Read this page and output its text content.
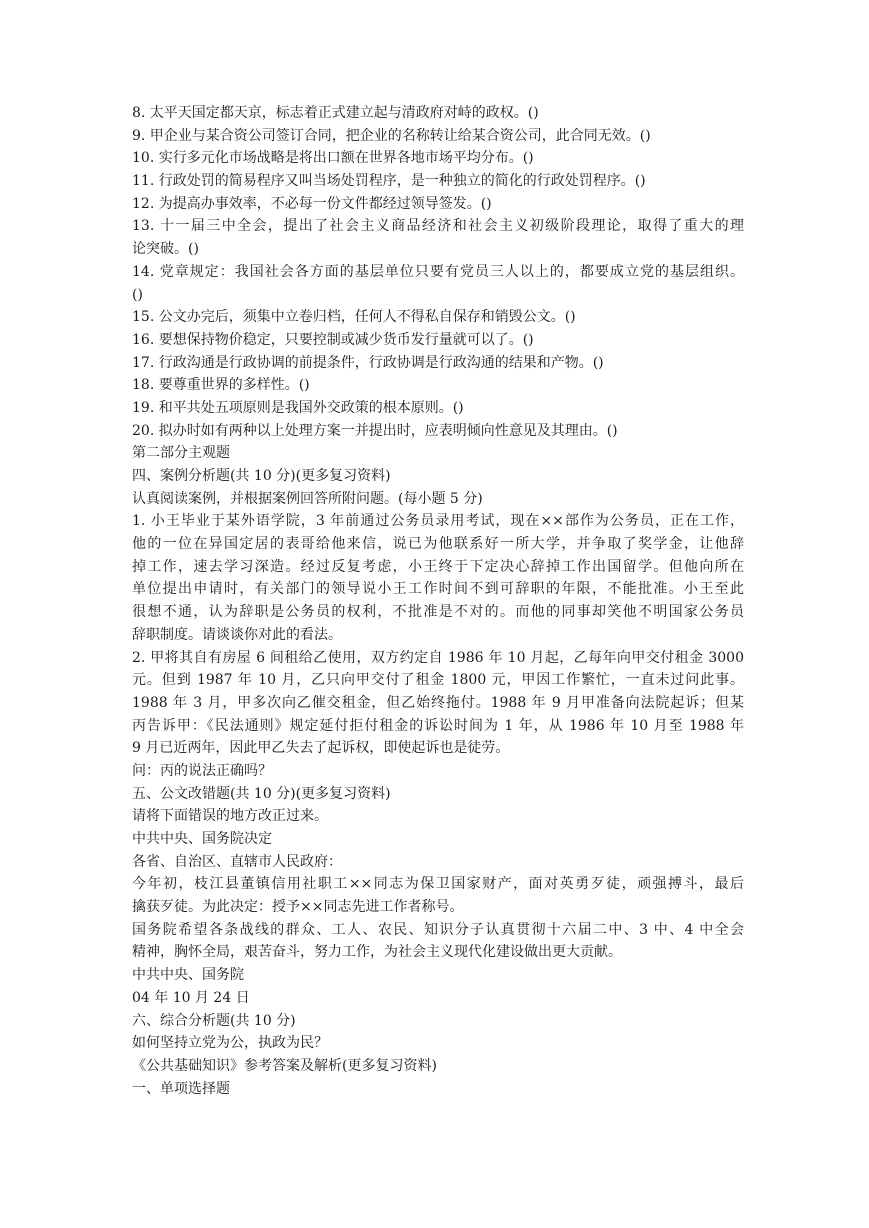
8. 太平天国定都天京，标志着正式建立起与清政府对峙的政权。()
9. 甲企业与某合资公司签订合同，把企业的名称转让给某合资公司，此合同无效。()
10. 实行多元化市场战略是将出口额在世界各地市场平均分布。()
11. 行政处罚的简易程序又叫当场处罚程序，是一种独立的简化的行政处罚程序。()
12. 为提高办事效率，不必每一份文件都经过领导签发。()
13. 十一届三中全会，提出了社会主义商品经济和社会主义初级阶段理论，取得了重大的理
论突破。()
14. 党章规定：我国社会各方面的基层单位只要有党员三人以上的，都要成立党的基层组织。
()
15. 公文办完后，须集中立卷归档，任何人不得私自保存和销毁公文。()
16. 要想保持物价稳定，只要控制或减少货币发行量就可以了。()
17. 行政沟通是行政协调的前提条件，行政协调是行政沟通的结果和产物。()
18. 要尊重世界的多样性。()
19. 和平共处五项原则是我国外交政策的根本原则。()
20. 拟办时如有两种以上处理方案一并提出时，应表明倾向性意见及其理由。()
第二部分主观题
四、案例分析题(共 10 分)(更多复习资料)
认真阅读案例，并根据案例回答所附问题。(每小题 5 分)
1. 小王毕业于某外语学院，3 年前通过公务员录用考试，现在××部作为公务员，正在工作，
他的一位在异国定居的表哥给他来信，说已为他联系好一所大学，并争取了奖学金，让他辞
掉工作，速去学习深造。经过反复考虑，小王终于下定决心辞掉工作出国留学。但他向所在
单位提出申请时，有关部门的领导说小王工作时间不到可辞职的年限，不能批准。小王至此
很想不通，认为辞职是公务员的权利，不批准是不对的。而他的同事却笑他不明国家公务员
辞职制度。请谈谈你对此的看法。
2. 甲将其自有房屋 6 间租给乙使用，双方约定自 1986 年 10 月起，乙每年向甲交付租金 3000
元。但到 1987 年 10 月，乙只向甲交付了租金 1800 元，甲因工作繁忙，一直未过问此事。
1988 年 3 月，甲多次向乙催交租金，但乙始终拖付。1988 年 9 月甲准备向法院起诉；但某
丙告诉甲：《民法通则》规定延付拒付租金的诉讼时间为 1 年，从 1986 年 10 月至 1988 年
9 月已近两年，因此甲乙失去了起诉权，即使起诉也是徒劳。
问：丙的说法正确吗？
五、公文改错题(共 10 分)(更多复习资料)
请将下面错误的地方改正过来。
中共中央、国务院决定
各省、自治区、直辖市人民政府：
今年初，枝江县董镇信用社职工××同志为保卫国家财产，面对英勇歹徒，顽强搏斗，最后
擒获歹徒。为此决定：授予××同志先进工作者称号。
国务院希望各条战线的群众、工人、农民、知识分子认真贯彻十六届二中、3 中、4 中全会
精神，胸怀全局，艰苦奋斗，努力工作，为社会主义现代化建设做出更大贡献。
中共中央、国务院
04 年 10 月 24 日
六、综合分析题(共 10 分)
如何坚持立党为公，执政为民？
《公共基础知识》参考答案及解析(更多复习资料)
一、单项选择题
